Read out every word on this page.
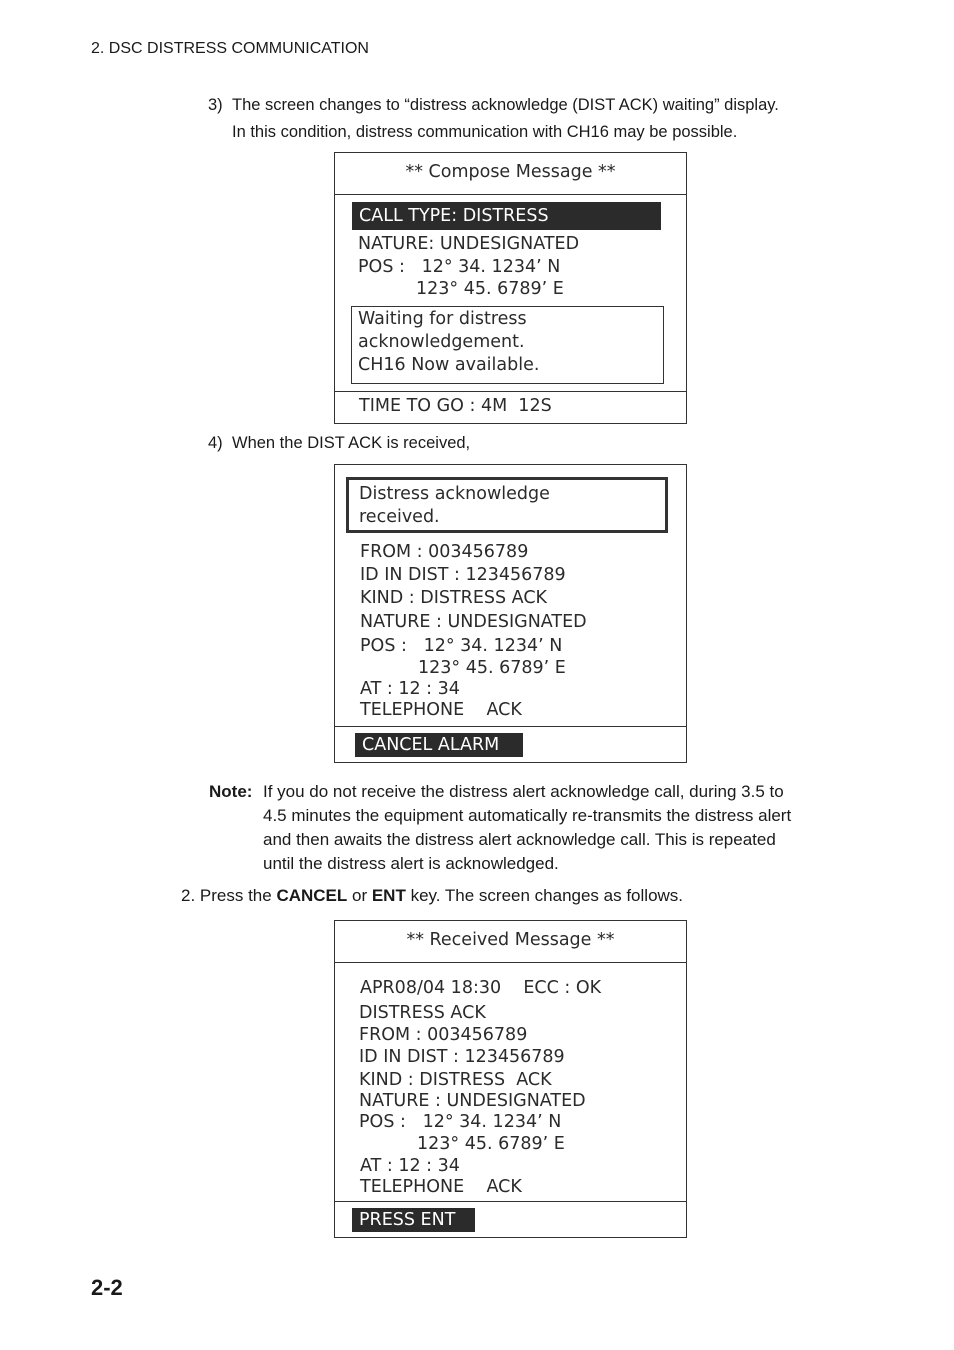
2. DSC DISTRESS COMMUNICATION
3) The screen changes to “distress acknowledge (DIST ACK) waiting” display.
In this condition, distress communication with CH16 may be possible.
** Compose Message **
CALL TYPE: DISTRESS
NATURE: UNDESIGNATED
POS :   12° 34. 1234’ N
123° 45. 6789’ E
Waiting for distress
acknowledgement.
CH16 Now available.
TIME TO GO : 4M  12S
4) When the DIST ACK is received,
Distress acknowledge
received.
FROM : 003456789
ID IN DIST : 123456789
KIND : DISTRESS ACK
NATURE : UNDESIGNATED
POS :   12° 34. 1234’ N
123° 45. 6789’ E
AT : 12 : 34
TELEPHONE    ACK
CANCEL ALARM
Note: If you do not receive the distress alert acknowledge call, during 3.5 to
4.5 minutes the equipment automatically re-transmits the distress alert
and then awaits the distress alert acknowledge call. This is repeated
until the distress alert is acknowledged.
2. Press the CANCEL or ENT key. The screen changes as follows.
** Received Message **
APR08/04 18:30    ECC : OK
DISTRESS ACK
FROM : 003456789
ID IN DIST : 123456789
KIND : DISTRESS  ACK
NATURE : UNDESIGNATED
POS :   12° 34. 1234’ N
123° 45. 6789’ E
AT : 12 : 34
TELEPHONE    ACK
PRESS ENT
2-2
